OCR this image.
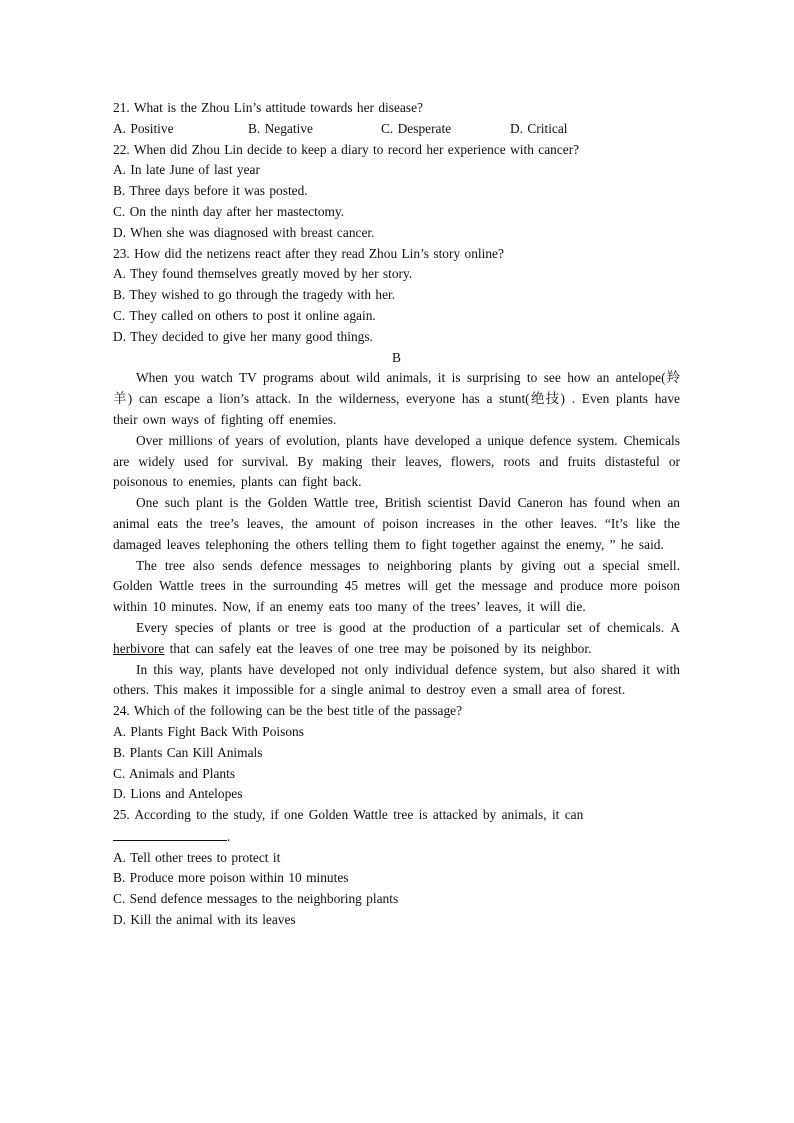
21. What is the Zhou Lin’s attitude towards her disease?
A. Positive	B. Negative	C. Desperate	D. Critical
22. When did Zhou Lin decide to keep a diary to record her experience with cancer?
A. In late June of last year
B. Three days before it was posted.
C. On the ninth day after her mastectomy.
D. When she was diagnosed with breast cancer.
23. How did the netizens react after they read Zhou Lin’s story online?
A. They found themselves greatly moved by her story.
B. They wished to go through the tragedy with her.
C. They called on others to post it online again.
D. They decided to give her many good things.
B
When you watch TV programs about wild animals, it is surprising to see how an antelope(羚羊) can escape a lion’s attack. In the wilderness, everyone has a stunt(绝技) . Even plants have their own ways of fighting off enemies.
Over millions of years of evolution, plants have developed a unique defence system. Chemicals are widely used for survival. By making their leaves, flowers, roots and fruits distasteful or poisonous to enemies, plants can fight back.
One such plant is the Golden Wattle tree, British scientist David Caneron has found when an animal eats the tree’s leaves, the amount of poison increases in the other leaves. “It’s like the damaged leaves telephoning the others telling them to fight together against the enemy, ” he said.
The tree also sends defence messages to neighboring plants by giving out a special smell. Golden Wattle trees in the surrounding 45 metres will get the message and produce more poison within 10 minutes. Now, if an enemy eats too many of the trees’ leaves, it will die.
Every species of plants or tree is good at the production of a particular set of chemicals. A herbivore that can safely eat the leaves of one tree may be poisoned by its neighbor.
In this way, plants have developed not only individual defence system, but also shared it with others. This makes it impossible for a single animal to destroy even a small area of forest.
24. Which of the following can be the best title of the passage?
A. Plants Fight Back With Poisons
B. Plants Can Kill Animals
C. Animals and Plants
D. Lions and Antelopes
25. According to the study, if one Golden Wattle tree is attacked by animals, it can
.
A. Tell other trees to protect it
B. Produce more poison within 10 minutes
C. Send defence messages to the neighboring plants
D. Kill the animal with its leaves
